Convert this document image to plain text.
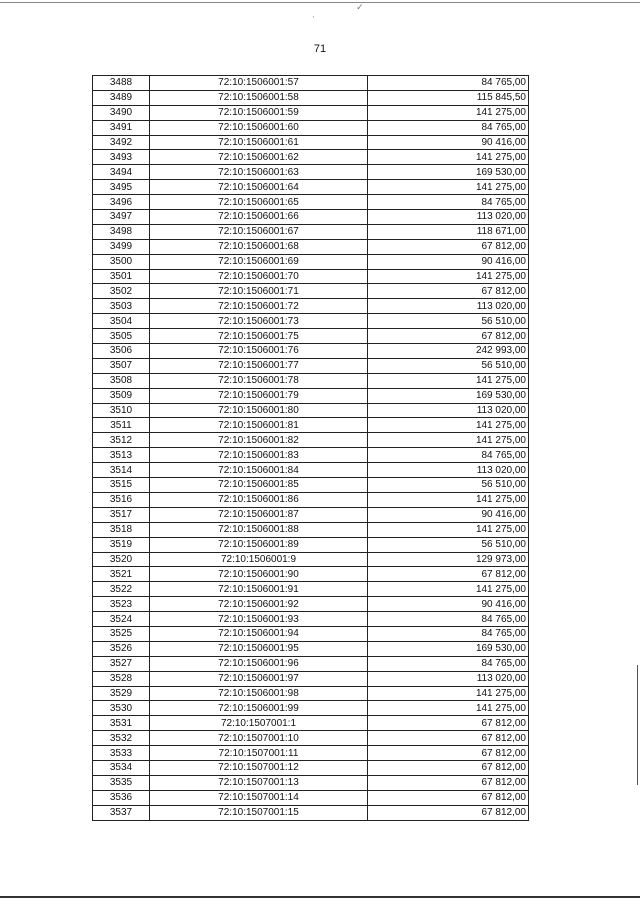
✓
·
71
3488	72:10:1506001:57	84 765,00
3489	72:10:1506001:58	115 845,50
3490	72:10:1506001:59	141 275,00
3491	72:10:1506001:60	84 765,00
3492	72:10:1506001:61	90 416,00
3493	72:10:1506001:62	141 275,00
3494	72:10:1506001:63	169 530,00
3495	72:10:1506001:64	141 275,00
3496	72:10:1506001:65	84 765,00
3497	72:10:1506001:66	113 020,00
3498	72:10:1506001:67	118 671,00
3499	72:10:1506001:68	67 812,00
3500	72:10:1506001:69	90 416,00
3501	72:10:1506001:70	141 275,00
3502	72:10:1506001:71	67 812,00
3503	72:10:1506001:72	113 020,00
3504	72:10:1506001:73	56 510,00
3505	72:10:1506001:75	67 812,00
3506	72:10:1506001:76	242 993,00
3507	72:10:1506001:77	56 510,00
3508	72:10:1506001:78	141 275,00
3509	72:10:1506001:79	169 530,00
3510	72:10:1506001:80	113 020,00
3511	72:10:1506001:81	141 275,00
3512	72:10:1506001:82	141 275,00
3513	72:10:1506001:83	84 765,00
3514	72:10:1506001:84	113 020,00
3515	72:10:1506001:85	56 510,00
3516	72:10:1506001:86	141 275,00
3517	72:10:1506001:87	90 416,00
3518	72:10:1506001:88	141 275,00
3519	72:10:1506001:89	56 510,00
3520	72:10:1506001:9	129 973,00
3521	72:10:1506001:90	67 812,00
3522	72:10:1506001:91	141 275,00
3523	72:10:1506001:92	90 416,00
3524	72:10:1506001:93	84 765,00
3525	72:10:1506001:94	84 765,00
3526	72:10:1506001:95	169 530,00
3527	72:10:1506001:96	84 765,00
3528	72:10:1506001:97	113 020,00
3529	72:10:1506001:98	141 275,00
3530	72:10:1506001:99	141 275,00
3531	72:10:1507001:1	67 812,00
3532	72:10:1507001:10	67 812,00
3533	72:10:1507001:11	67 812,00
3534	72:10:1507001:12	67 812,00
3535	72:10:1507001:13	67 812,00
3536	72:10:1507001:14	67 812,00
3537	72:10:1507001:15	67 812,00
